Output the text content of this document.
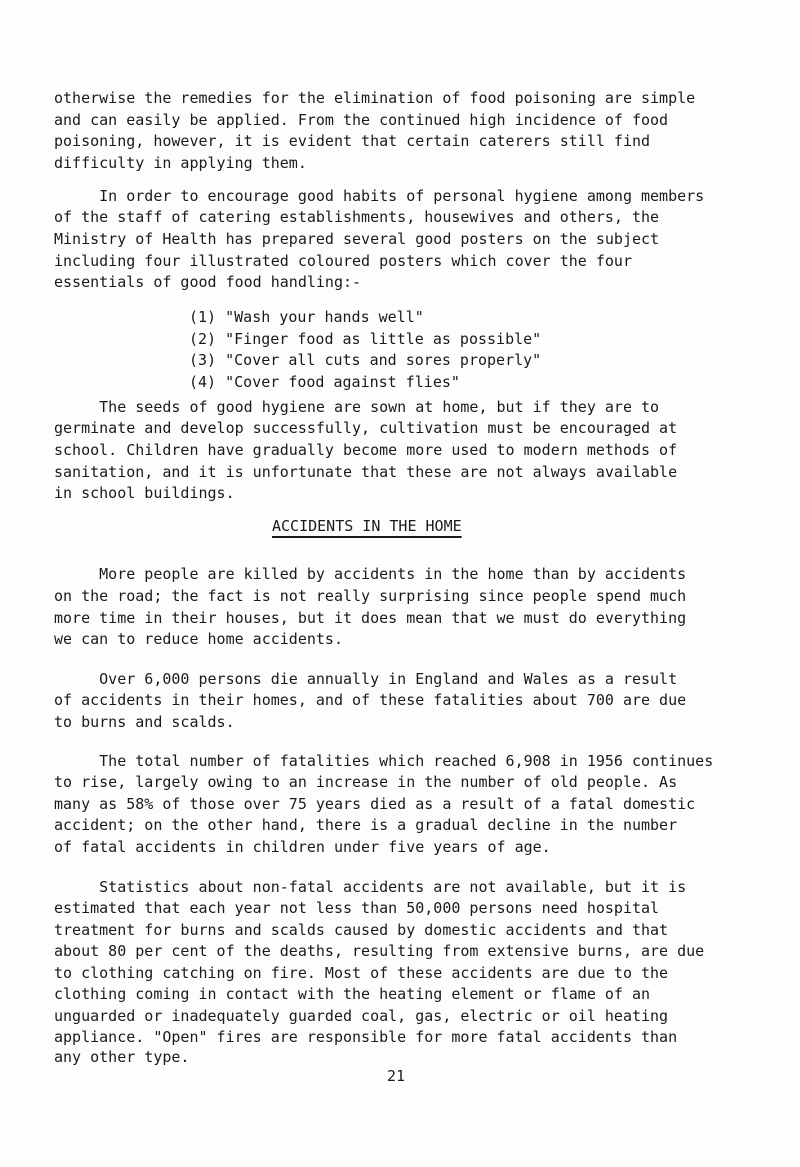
otherwise the remedies for the elimination of food poisoning are simple
and can easily be applied. From the continued high incidence of food
poisoning, however, it is evident that certain caterers still find
difficulty in applying them.
In order to encourage good habits of personal hygiene among members
of the staff of catering establishments, housewives and others, the
Ministry of Health has prepared several good posters on the subject
including four illustrated coloured posters which cover the four
essentials of good food handling:-
(1) "Wash your hands well"
(2) "Finger food as little as possible"
(3) "Cover all cuts and sores properly"
(4) "Cover food against flies"
The seeds of good hygiene are sown at home, but if they are to
germinate and develop successfully, cultivation must be encouraged at
school. Children have gradually become more used to modern methods of
sanitation, and it is unfortunate that these are not always available
in school buildings.
ACCIDENTS IN THE HOME
More people are killed by accidents in the home than by accidents
on the road; the fact is not really surprising since people spend much
more time in their houses, but it does mean that we must do everything
we can to reduce home accidents.
Over 6,000 persons die annually in England and Wales as a result
of accidents in their homes, and of these fatalities about 700 are due
to burns and scalds.
The total number of fatalities which reached 6,908 in 1956 continues
to rise, largely owing to an increase in the number of old people. As
many as 58% of those over 75 years died as a result of a fatal domestic
accident; on the other hand, there is a gradual decline in the number
of fatal accidents in children under five years of age.
Statistics about non-fatal accidents are not available, but it is
estimated that each year not less than 50,000 persons need hospital
treatment for burns and scalds caused by domestic accidents and that
about 80 per cent of the deaths, resulting from extensive burns, are due
to clothing catching on fire. Most of these accidents are due to the
clothing coming in contact with the heating element or flame of an
unguarded or inadequately guarded coal, gas, electric or oil heating
appliance. "Open" fires are responsible for more fatal accidents than
any other type.
21
